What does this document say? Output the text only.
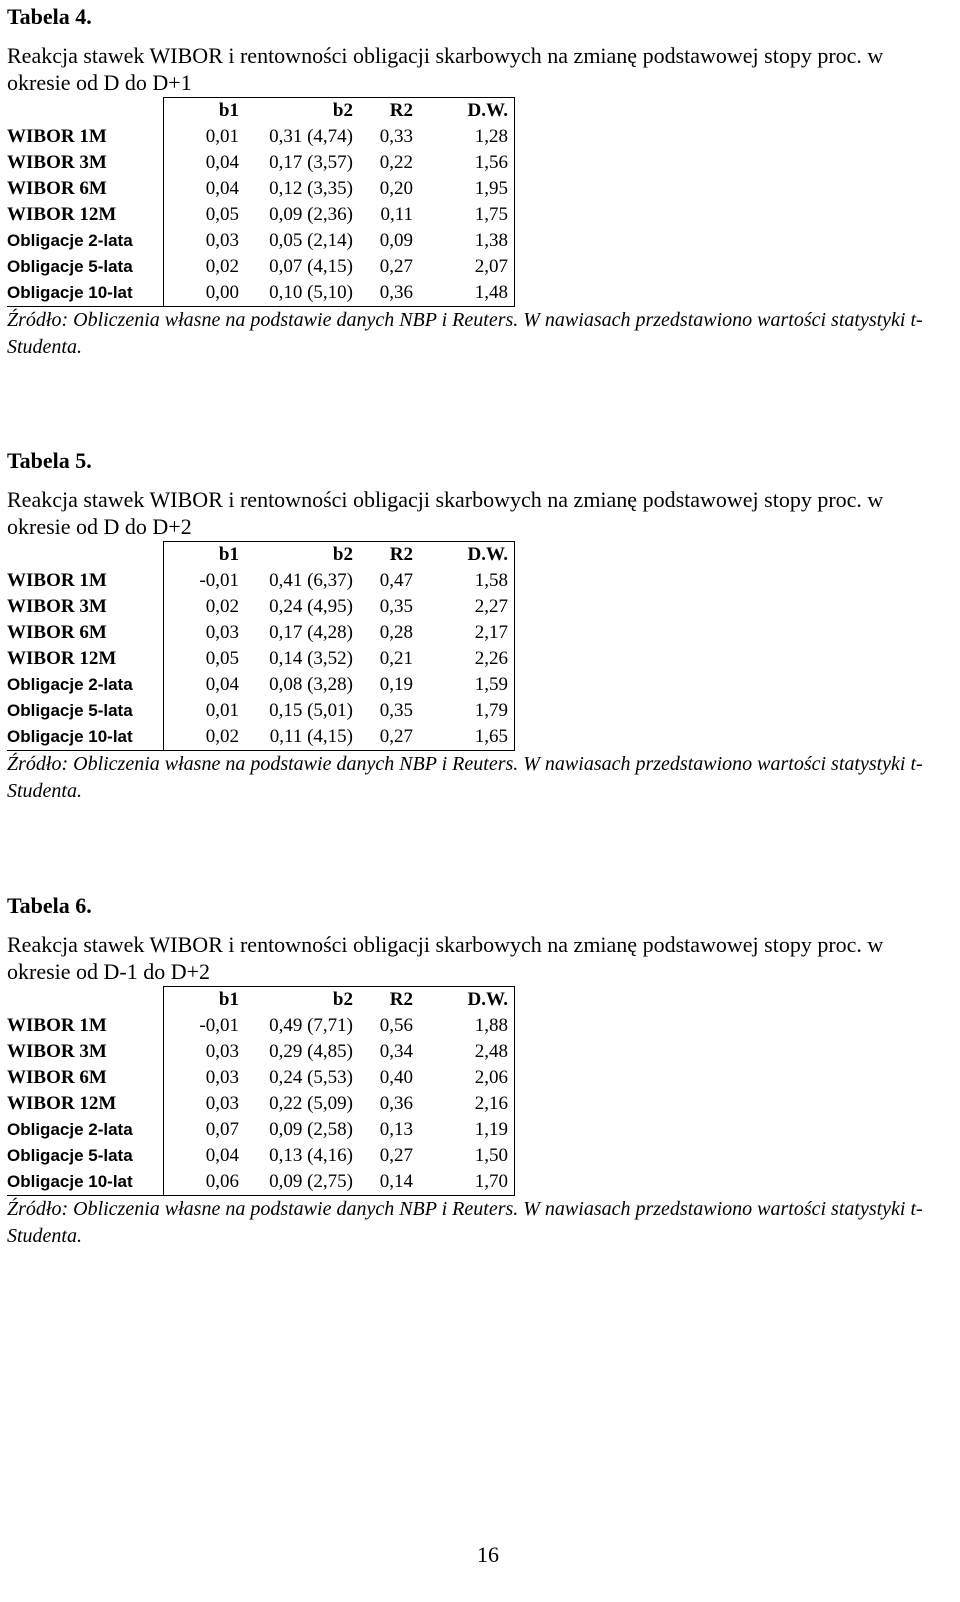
Tabela 4.

Reakcja stawek WIBOR i rentowności obligacji skarbowych na zmianę podstawowej stopy proc. w okresie od D do D+1

	b1	b2	R2	D.W.
WIBOR 1M	0,01	0,31 (4,74)	0,33	1,28
WIBOR 3M	0,04	0,17 (3,57)	0,22	1,56
WIBOR 6M	0,04	0,12 (3,35)	0,20	1,95
WIBOR 12M	0,05	0,09 (2,36)	0,11	1,75
Obligacje 2-lata	0,03	0,05 (2,14)	0,09	1,38
Obligacje 5-lata	0,02	0,07 (4,15)	0,27	2,07
Obligacje 10-lat	0,00	0,10 (5,10)	0,36	1,48

Źródło: Obliczenia własne na podstawie danych NBP i Reuters. W nawiasach przedstawiono wartości statystyki t-Studenta.

Tabela 5.

Reakcja stawek WIBOR i rentowności obligacji skarbowych na zmianę podstawowej stopy proc. w okresie od D do D+2

	b1	b2	R2	D.W.
WIBOR 1M	-0,01	0,41 (6,37)	0,47	1,58
WIBOR 3M	0,02	0,24 (4,95)	0,35	2,27
WIBOR 6M	0,03	0,17 (4,28)	0,28	2,17
WIBOR 12M	0,05	0,14 (3,52)	0,21	2,26
Obligacje 2-lata	0,04	0,08 (3,28)	0,19	1,59
Obligacje 5-lata	0,01	0,15 (5,01)	0,35	1,79
Obligacje 10-lat	0,02	0,11 (4,15)	0,27	1,65

Źródło: Obliczenia własne na podstawie danych NBP i Reuters. W nawiasach przedstawiono wartości statystyki t-Studenta.

Tabela 6.

Reakcja stawek WIBOR i rentowności obligacji skarbowych na zmianę podstawowej stopy proc. w okresie od D-1 do D+2

	b1	b2	R2	D.W.
WIBOR 1M	-0,01	0,49 (7,71)	0,56	1,88
WIBOR 3M	0,03	0,29 (4,85)	0,34	2,48
WIBOR 6M	0,03	0,24 (5,53)	0,40	2,06
WIBOR 12M	0,03	0,22 (5,09)	0,36	2,16
Obligacje 2-lata	0,07	0,09 (2,58)	0,13	1,19
Obligacje 5-lata	0,04	0,13 (4,16)	0,27	1,50
Obligacje 10-lat	0,06	0,09 (2,75)	0,14	1,70

Źródło: Obliczenia własne na podstawie danych NBP i Reuters. W nawiasach przedstawiono wartości statystyki t-Studenta.

16
